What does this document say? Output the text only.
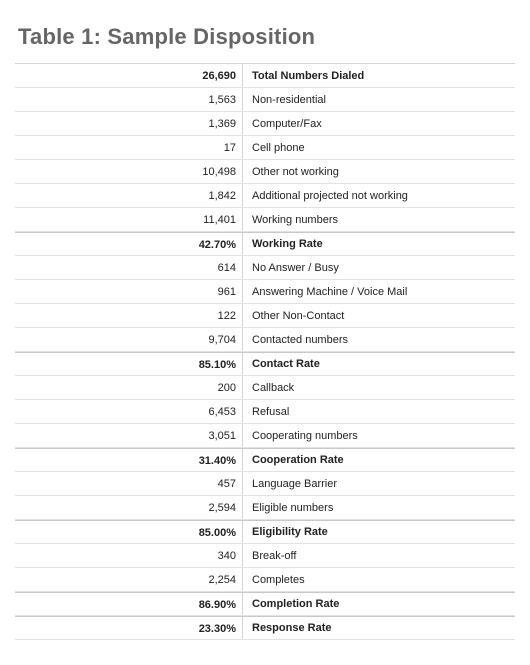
Table 1: Sample Disposition
26,690	Total Numbers Dialed
1,563	Non-residential
1,369	Computer/Fax
17	Cell phone
10,498	Other not working
1,842	Additional projected not working
11,401	Working numbers
42.70%	Working Rate
614	No Answer / Busy
961	Answering Machine / Voice Mail
122	Other Non-Contact
9,704	Contacted numbers
85.10%	Contact Rate
200	Callback
6,453	Refusal
3,051	Cooperating numbers
31.40%	Cooperation Rate
457	Language Barrier
2,594	Eligible numbers
85.00%	Eligibility Rate
340	Break-off
2,254	Completes
86.90%	Completion Rate
23.30%	Response Rate
